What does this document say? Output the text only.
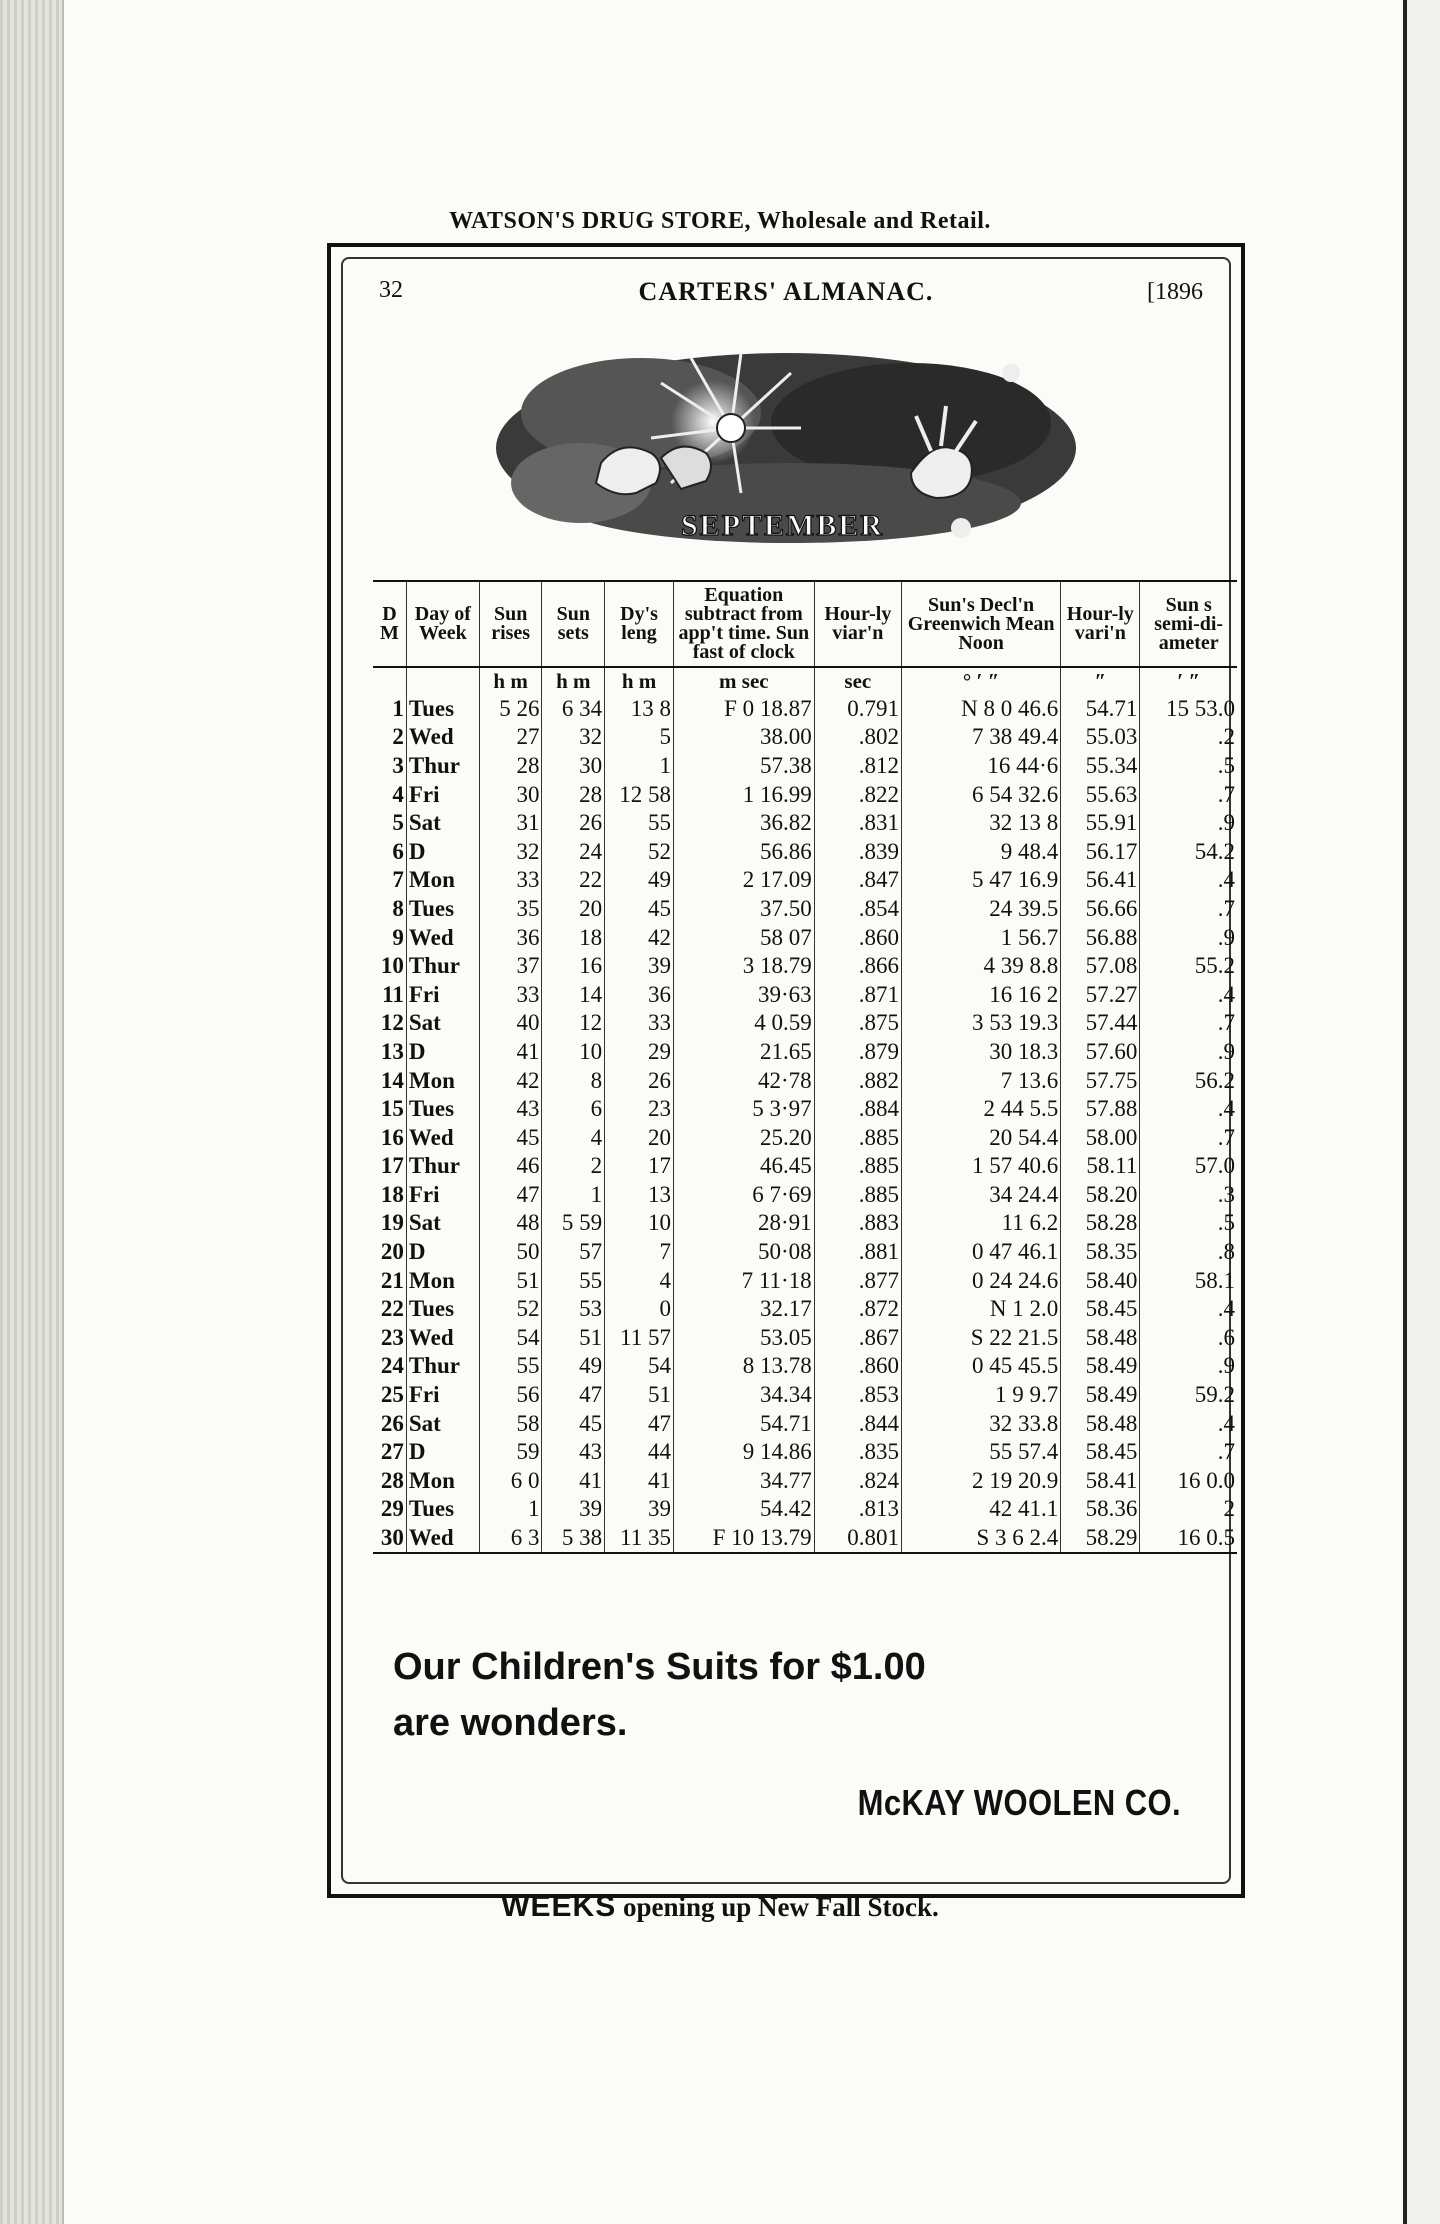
WATSON'S DRUG STORE, Wholesale and Retail.
32	CARTERS' ALMANAC.	[1896
SEPTEMBER
D M	Day of Week	Sun rises	Sun sets	Dy's leng	Equation subtract from app't time. Sun fast of clock	Hour-ly viar'n	Sun's Decl'n Greenwich Mean Noon	Hour-ly vari'n	Sun s semi-di-ameter
		h m	h m	h m	m sec	sec	° ′ ″	″	′ ″
1	Tues	5 26	6 34	13 8	F 0 18.87	0.791	N 8 0 46.6	54.71	15 53.0
2	Wed	27	32	5	38.00	.802	7 38 49.4	55.03	.2
3	Thur	28	30	1	57.38	.812	16 44·6	55.34	.5
4	Fri	30	28	12 58	1 16.99	.822	6 54 32.6	55.63	.7
5	Sat	31	26	55	36.82	.831	32 13 8	55.91	.9
6	D	32	24	52	56.86	.839	9 48.4	56.17	54.2
7	Mon	33	22	49	2 17.09	.847	5 47 16.9	56.41	.4
8	Tues	35	20	45	37.50	.854	24 39.5	56.66	.7
9	Wed	36	18	42	58 07	.860	1 56.7	56.88	.9
10	Thur	37	16	39	3 18.79	.866	4 39 8.8	57.08	55.2
11	Fri	33	14	36	39·63	.871	16 16 2	57.27	.4
12	Sat	40	12	33	4 0.59	.875	3 53 19.3	57.44	.7
13	D	41	10	29	21.65	.879	30 18.3	57.60	.9
14	Mon	42	8	26	42·78	.882	7 13.6	57.75	56.2
15	Tues	43	6	23	5 3·97	.884	2 44 5.5	57.88	.4
16	Wed	45	4	20	25.20	.885	20 54.4	58.00	.7
17	Thur	46	2	17	46.45	.885	1 57 40.6	58.11	57.0
18	Fri	47	1	13	6 7·69	.885	34 24.4	58.20	.3
19	Sat	48	5 59	10	28·91	.883	11 6.2	58.28	.5
20	D	50	57	7	50·08	.881	0 47 46.1	58.35	.8
21	Mon	51	55	4	7 11·18	.877	0 24 24.6	58.40	58.1
22	Tues	52	53	0	32.17	.872	N 1 2.0	58.45	.4
23	Wed	54	51	11 57	53.05	.867	S 22 21.5	58.48	.6
24	Thur	55	49	54	8 13.78	.860	0 45 45.5	58.49	.9
25	Fri	56	47	51	34.34	.853	1 9 9.7	58.49	59.2
26	Sat	58	45	47	54.71	.844	32 33.8	58.48	.4
27	D	59	43	44	9 14.86	.835	55 57.4	58.45	.7
28	Mon	6 0	41	41	34.77	.824	2 19 20.9	58.41	16 0.0
29	Tues	1	39	39	54.42	.813	42 41.1	58.36	2
30	Wed	6 3	5 38	11 35	F 10 13.79	0.801	S 3 6 2.4	58.29	16 0.5
Our Children's Suits for $1.00
are wonders.
McKAY WOOLEN CO.
WEEKS opening up New Fall Stock.
